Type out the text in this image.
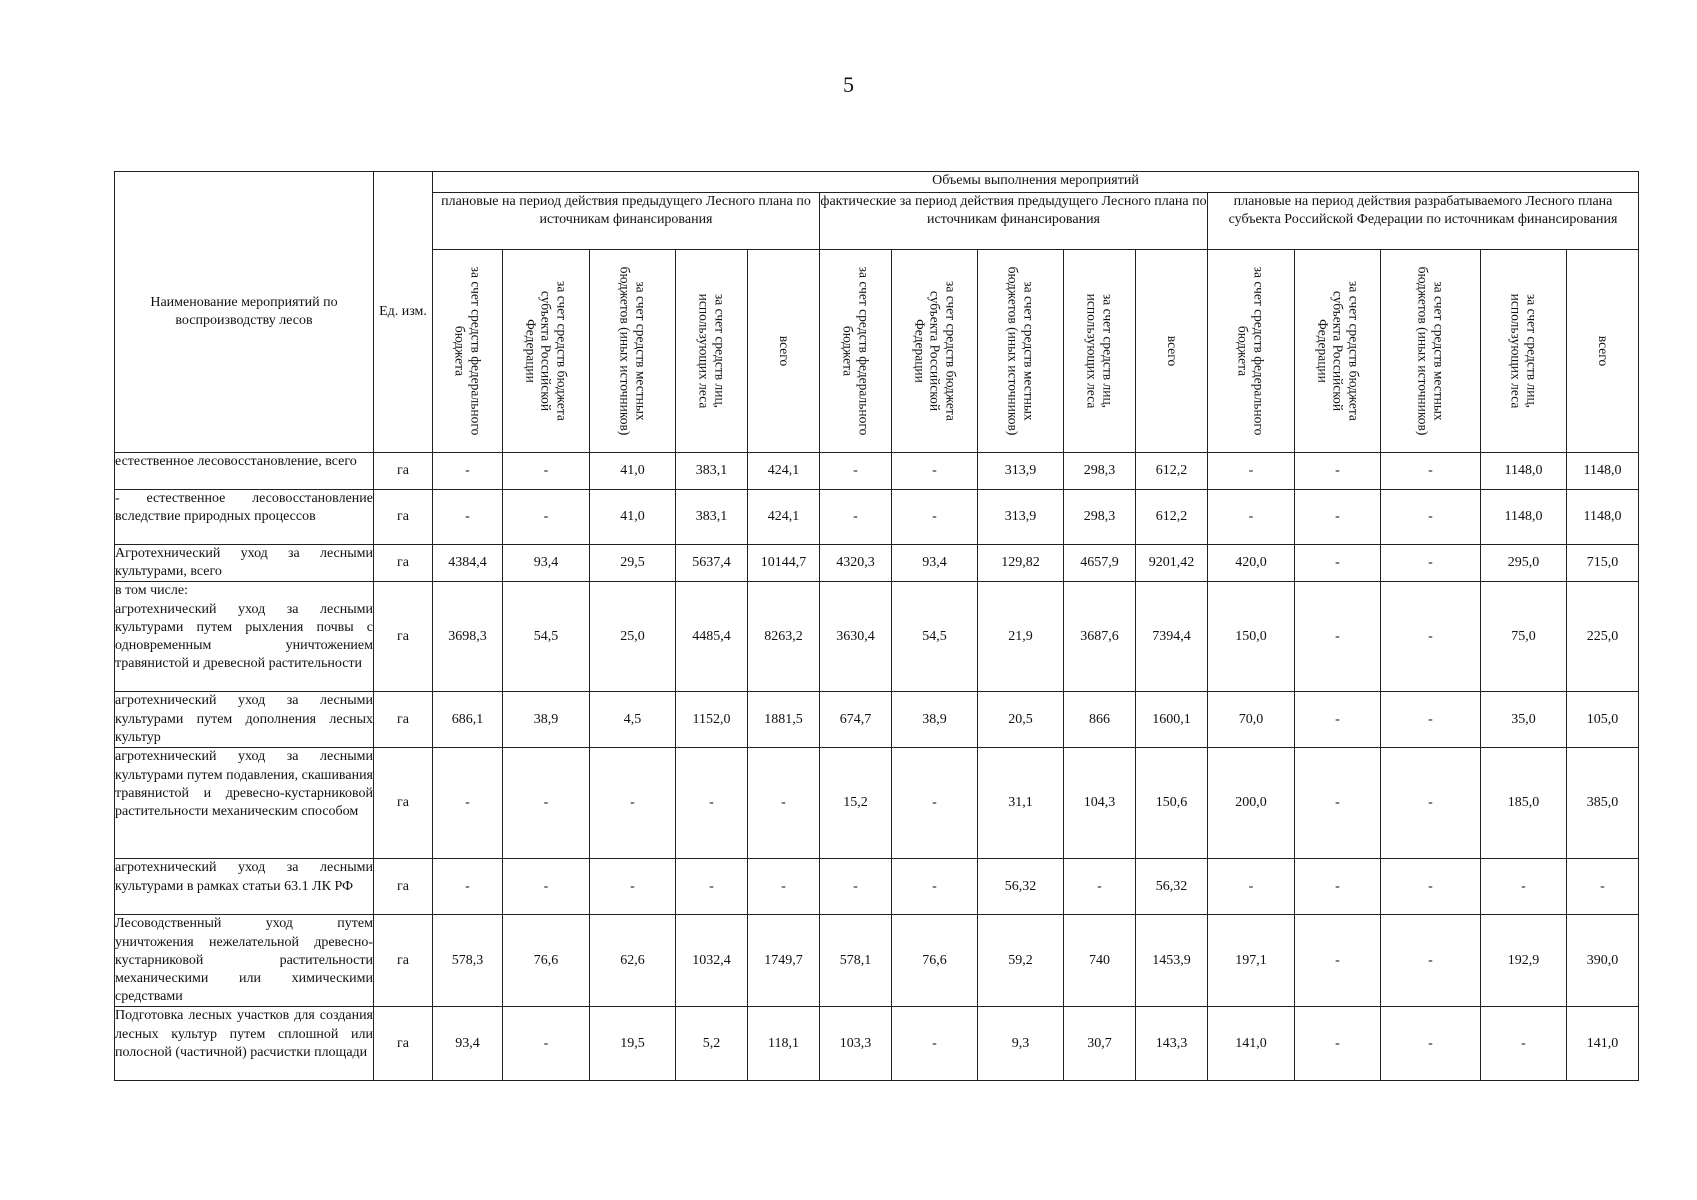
5
Наименование мероприятий по воспроизводству лесов	Ед. изм.	Объемы выполнения мероприятий														
		плановые на период действия предыдущего Лесного плана по источникам финансирования					фактические за период действия предыдущего Лесного плана по источникам финансирования					плановые на период действия разрабатываемого Лесного плана субъекта Российской Федерации по источникам финансирования				

		за счет средств федерального бюджета	за счет средств бюджета субъекта Российской Федерации	за счет средств местных бюджетов (иных источников)	за счет средств лиц, использующих леса	всего	за счет средств федерального бюджета	за счет средств бюджета субъекта Российской Федерации	за счет средств местных бюджетов (иных источников)	за счет средств лиц, использующих леса	всего	за счет средств федерального бюджета	за счет средств бюджета субъекта Российской Федерации	за счет средств местных бюджетов (иных источников)	за счет средств лиц, использующих леса	всего

естественное лесовосстановление, всего	га	-	-	41,0	383,1	424,1	-	-	313,9	298,3	612,2	-	-	-	1148,0	1148,0

- естественное лесовосстановление вследствие природных процессов	га	-	-	41,0	383,1	424,1	-	-	313,9	298,3	612,2	-	-	-	1148,0	1148,0

Агротехнический уход за лесными культурами, всего	га	4384,4	93,4	29,5	5637,4	10144,7	4320,3	93,4	129,82	4657,9	9201,42	420,0	-	-	295,0	715,0

в том числе:
агротехнический уход за лесными культурами путем рыхления почвы с одновременным уничтожением травянистой и древесной растительности	га	3698,3	54,5	25,0	4485,4	8263,2	3630,4	54,5	21,9	3687,6	7394,4	150,0	-	-	75,0	225,0

агротехнический уход за лесными культурами путем дополнения лесных культур	га	686,1	38,9	4,5	1152,0	1881,5	674,7	38,9	20,5	866	1600,1	70,0	-	-	35,0	105,0

агротехнический уход за лесными культурами путем подавления, скашивания травянистой и древесно-кустарниковой растительности механическим способом	га	-	-	-	-	-	15,2	-	31,1	104,3	150,6	200,0	-	-	185,0	385,0

агротехнический уход за лесными культурами в рамках статьи 63.1 ЛК РФ	га	-	-	-	-	-	-	-	56,32	-	56,32	-	-	-	-	-

Лесоводственный уход путем уничтожения нежелательной древесно-кустарниковой растительности механическими или химическими средствами	га	578,3	76,6	62,6	1032,4	1749,7	578,1	76,6	59,2	740	1453,9	197,1	-	-	192,9	390,0

Подготовка лесных участков для создания лесных культур путем сплошной или полосной (частичной) расчистки площади	га	93,4	-	19,5	5,2	118,1	103,3	-	9,3	30,7	143,3	141,0	-	-	-	141,0
